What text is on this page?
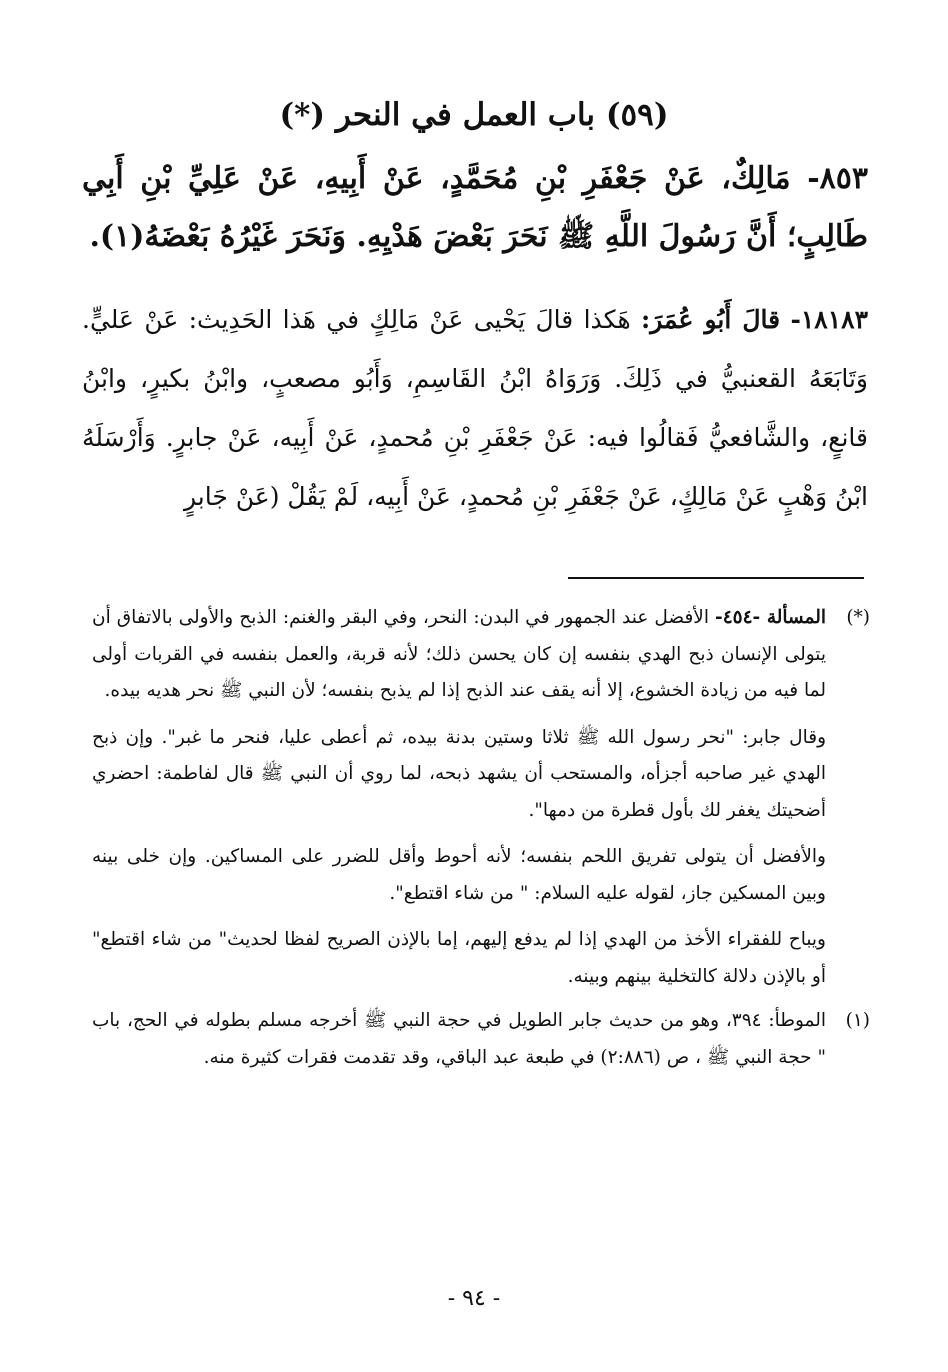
(٥٩) باب العمل في النحر (*)
٨٥٣- مَالِكٌ، عَنْ جَعْفَرِ بْنِ مُحَمَّدٍ، عَنْ أَبِيهِ، عَنْ عَلِيِّ بْنِ أَبِي طَالِبٍ؛ أَنَّ رَسُولَ اللَّهِ ﷺ نَحَرَ بَعْضَ هَدْيِهِ. وَنَحَرَ غَيْرُهُ بَعْضَهُ(١).
١٨١٨٣- قالَ أَبُو عُمَرَ: هَكذا قالَ يَحْيى عَنْ مَالِكٍ في هَذا الحَدِيث: عَنْ عَليٍّ. وَتَابَعَهُ القعنبيُّ في ذَلِكَ. وَرَوَاهُ ابْنُ القَاسِمِ، وَأَبُو مصعبٍ، وابْنُ بكيرٍ، وابْنُ قانعٍ، والشَّافعيُّ فَقالُوا فيه: عَنْ جَعْفَرِ بْنِ مُحمدٍ، عَنْ أَبِيه، عَنْ جابرٍ. وَأَرْسَلَهُ ابْنُ وَهْبٍ عَنْ مَالِكٍ، عَنْ جَعْفَرِ بْنِ مُحمدٍ، عَنْ أَبِيه، لَمْ يَقُلْ (عَنْ جَابرٍ
(*)

المسألة -٤٥٤- الأفضل عند الجمهور في البدن: النحر، وفي البقر والغنم: الذبح والأولى بالاتفاق أن يتولى الإنسان ذبح الهدي بنفسه إن كان يحسن ذلك؛ لأنه قربة، والعمل بنفسه في القربات أولى لما فيه من زيادة الخشوع، إلا أنه يقف عند الذبح إذا لم يذبح بنفسه؛ لأن النبي ﷺ نحر هديه بيده.

وقال جابر: "نحر رسول الله ﷺ ثلاثا وستين بدنة بيده، ثم أعطى عليا، فنحر ما غبر". وإن ذبح الهدي غير صاحبه أجزأه، والمستحب أن يشهد ذبحه، لما روي أن النبي ﷺ قال لفاطمة: احضري أضحيتك يغفر لك بأول قطرة من دمها".

والأفضل أن يتولى تفريق اللحم بنفسه؛ لأنه أحوط وأقل للضرر على المساكين. وإن خلى بينه وبين المسكين جاز، لقوله عليه السلام: " من شاء اقتطع".

ويباح للفقراء الأخذ من الهدي إذا لم يدفع إليهم، إما بالإذن الصريح لفظا لحديث" من شاء اقتطع" أو بالإذن دلالة كالتخلية بينهم وبينه.

(١)

الموطأ: ٣٩٤، وهو من حديث جابر الطويل في حجة النبي ﷺ أخرجه مسلم بطوله في الحج، باب " حجة النبي ﷺ ، ص (٢:٨٨٦) في طبعة عبد الباقي، وقد تقدمت فقرات كثيرة منه.

- ٩٤ -
